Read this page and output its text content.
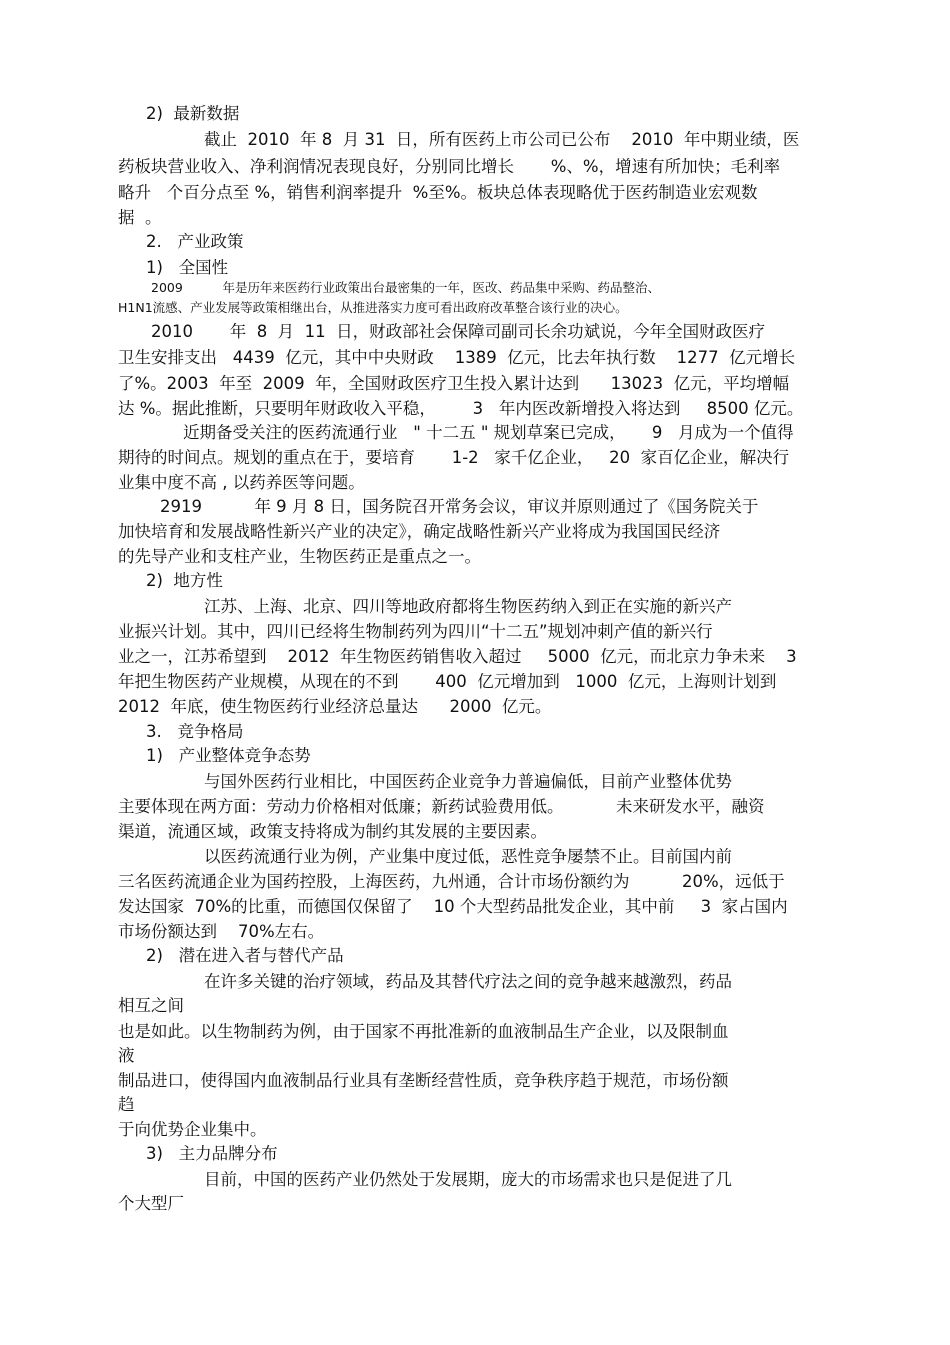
2)  最新数据
截止  2010  年 8  月 31  日，所有医药上市公司已公布    2010  年中期业绩，医
药板块营业收入、净利润情况表现良好，分别同比增长       %、%，增速有所加快；毛利率
略升   个百分点至 %，销售利润率提升  %至%。板块总体表现略优于医药制造业宏观数
据  。
2.   产业政策
1)   全国性
2009          年是历年来医药行业政策出台最密集的一年，医改、药品集中采购、药品整治、
H1N1流感、产业发展等政策相继出台，从推进落实力度可看出政府改革整合该行业的决心。
2010       年  8  月  11  日，财政部社会保障司副司长余功斌说，今年全国财政医疗
卫生安排支出   4439  亿元，其中中央财政    1389  亿元，比去年执行数    1277  亿元增长
了%。2003  年至  2009  年，全国财政医疗卫生投入累计达到      13023  亿元，平均增幅
达 %。据此推断，只要明年财政收入平稳，       3   年内医改新增投入将达到     8500 亿元。
近期备受关注的医药流通行业   " 十二五 " 规划草案已完成，     9   月成为一个值得
期待的时间点。规划的重点在于，要培育       1-2   家千亿企业，   20  家百亿企业，解决行
业集中度不高 , 以药养医等问题。
2919          年 9 月 8 日，国务院召开常务会议，审议并原则通过了《国务院关于
加快培育和发展战略性新兴产业的决定》，确定战略性新兴产业将成为我国国民经济
的先导产业和支柱产业，生物医药正是重点之一。
2)  地方性
江苏、上海、北京、四川等地政府都将生物医药纳入到正在实施的新兴产
业振兴计划。其中，四川已经将生物制药列为四川“十二五”规划冲刺产值的新兴行
业之一，江苏希望到    2012  年生物医药销售收入超过     5000  亿元，而北京力争未来    3
年把生物医药产业规模，从现在的不到       400  亿元增加到   1000  亿元，上海则计划到
2012  年底，使生物医药行业经济总量达      2000  亿元。
3.   竞争格局
1)   产业整体竞争态势
与国外医药行业相比，中国医药企业竞争力普遍偏低，目前产业整体优势
主要体现在两方面：劳动力价格相对低廉；新药试验费用低。          未来研发水平，融资
渠道，流通区域，政策支持将成为制约其发展的主要因素。
以医药流通行业为例，产业集中度过低，恶性竞争屡禁不止。目前国内前
三名医药流通企业为国药控股，上海医药，九州通，合计市场份额约为          20%，远低于
发达国家  70%的比重，而德国仅保留了    10 个大型药品批发企业，其中前     3  家占国内
市场份额达到    70%左右。
2)   潜在进入者与替代产品
在许多关键的治疗领域，药品及其替代疗法之间的竞争越来越激烈，药品
相互之间
也是如此。以生物制药为例，由于国家不再批准新的血液制品生产企业，以及限制血
液
制品进口，使得国内血液制品行业具有垄断经营性质，竞争秩序趋于规范，市场份额
趋
于向优势企业集中。
3)   主力品牌分布
目前，中国的医药产业仍然处于发展期，庞大的市场需求也只是促进了几
个大型厂
